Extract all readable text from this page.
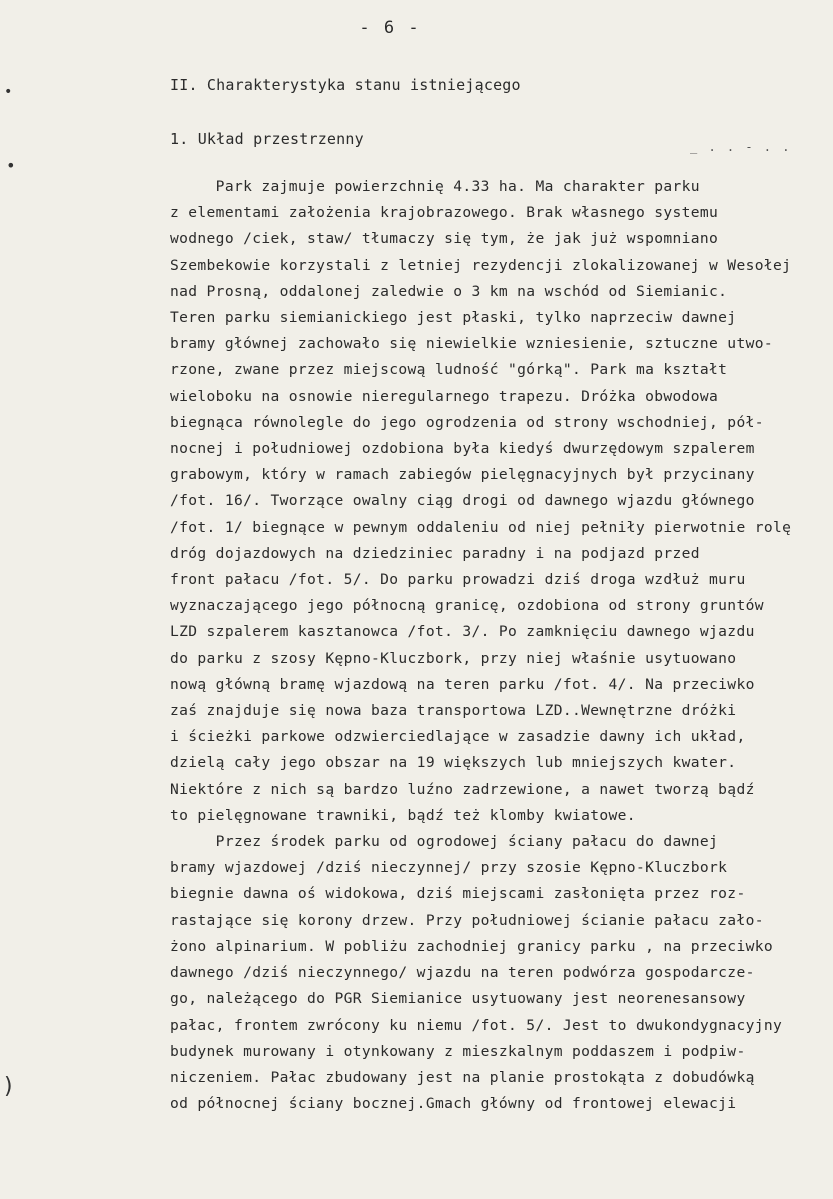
- 6 -
•
•
)
_ . . - . .
II. Charakterystyka stanu istniejącego
1. Układ przestrzenny
Park zajmuje powierzchnię 4.33 ha. Ma charakter parku
z elementami założenia krajobrazowego. Brak własnego systemu
wodnego /ciek, staw/ tłumaczy się tym, że jak już wspomniano
Szembekowie korzystali z letniej rezydencji zlokalizowanej w Wesołej
nad Prosną, oddalonej zaledwie o 3 km na wschód od Siemianic.
Teren parku siemianickiego jest płaski, tylko naprzeciw dawnej
bramy głównej zachowało się niewielkie wzniesienie, sztuczne utwo-
rzone, zwane przez miejscową ludność "górką". Park ma kształt
wieloboku na osnowie nieregularnego trapezu. Dróżka obwodowa
biegnąca równolegle do jego ogrodzenia od strony wschodniej, pół-
nocnej i południowej ozdobiona była kiedyś dwurzędowym szpalerem
grabowym, który w ramach zabiegów pielęgnacyjnych był przycinany
/fot. 16/. Tworzące owalny ciąg drogi od dawnego wjazdu głównego
/fot. 1/ biegnące w pewnym oddaleniu od niej pełniły pierwotnie rolę
dróg dojazdowych na dziedziniec paradny i na podjazd przed
front pałacu /fot. 5/. Do parku prowadzi dziś droga wzdłuż muru
wyznaczającego jego północną granicę, ozdobiona od strony gruntów
LZD szpalerem kasztanowca /fot. 3/. Po zamknięciu dawnego wjazdu
do parku z szosy Kępno-Kluczbork, przy niej właśnie usytuowano
nową główną bramę wjazdową na teren parku /fot. 4/. Na przeciwko
zaś znajduje się nowa baza transportowa LZD..Wewnętrzne dróżki
i ścieżki parkowe odzwierciedlające w zasadzie dawny ich układ,
dzielą cały jego obszar na 19 większych lub mniejszych kwater.
Niektóre z nich są bardzo luźno zadrzewione, a nawet tworzą bądź
to pielęgnowane trawniki, bądź też klomby kwiatowe.
Przez środek parku od ogrodowej ściany pałacu do dawnej
bramy wjazdowej /dziś nieczynnej/ przy szosie Kępno-Kluczbork
biegnie dawna oś widokowa, dziś miejscami zasłonięta przez roz-
rastające się korony drzew. Przy południowej ścianie pałacu zało-
żono alpinarium. W pobliżu zachodniej granicy parku , na przeciwko
dawnego /dziś nieczynnego/ wjazdu na teren podwórza gospodarcze-
go, należącego do PGR Siemianice usytuowany jest neorenesansowy
pałac, frontem zwrócony ku niemu /fot. 5/. Jest to dwukondygnacyjny
budynek murowany i otynkowany z mieszkalnym poddaszem i podpiw-
niczeniem. Pałac zbudowany jest na planie prostokąta z dobudówką
od północnej ściany bocznej.Gmach główny od frontowej elewacji
